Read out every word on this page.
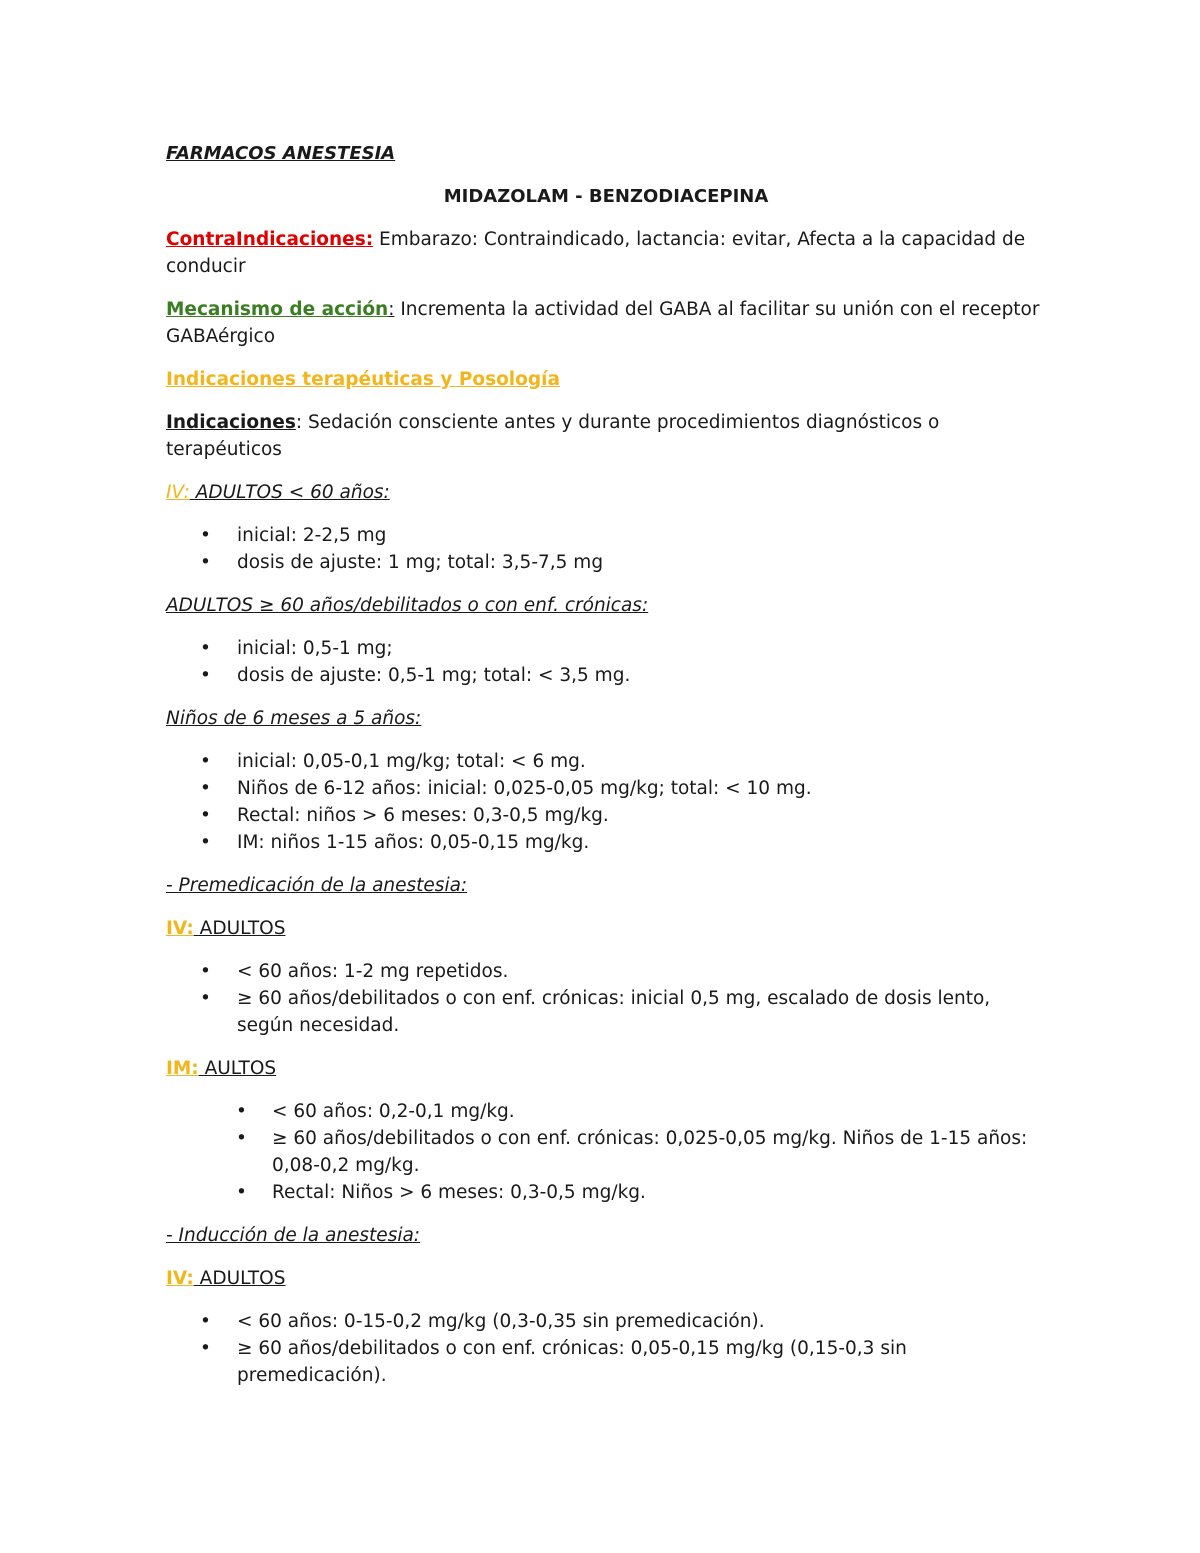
FARMACOS ANESTESIA

MIDAZOLAM - BENZODIACEPINA

ContraIndicaciones: Embarazo: Contraindicado, lactancia: evitar, Afecta a la capacidad de conducir

Mecanismo de acción: Incrementa la actividad del GABA al facilitar su unión con el receptor GABAérgico

Indicaciones terapéuticas y Posología

Indicaciones: Sedación consciente antes y durante procedimientos diagnósticos o terapéuticos

IV: ADULTOS < 60 años:

• inicial: 2-2,5 mg
• dosis de ajuste: 1 mg; total: 3,5-7,5 mg

ADULTOS ≥ 60 años/debilitados o con enf. crónicas:

• inicial: 0,5-1 mg;
• dosis de ajuste: 0,5-1 mg; total: < 3,5 mg.

Niños de 6 meses a 5 años:

• inicial: 0,05-0,1 mg/kg; total: < 6 mg.
• Niños de 6-12 años: inicial: 0,025-0,05 mg/kg; total: < 10 mg.
• Rectal: niños > 6 meses: 0,3-0,5 mg/kg.
• IM: niños 1-15 años: 0,05-0,15 mg/kg.

- Premedicación de la anestesia:

IV: ADULTOS

• < 60 años: 1-2 mg repetidos.
• ≥ 60 años/debilitados o con enf. crónicas: inicial 0,5 mg, escalado de dosis lento, según necesidad.

IM: AULTOS

• < 60 años: 0,2-0,1 mg/kg.
• ≥ 60 años/debilitados o con enf. crónicas: 0,025-0,05 mg/kg. Niños de 1-15 años: 0,08-0,2 mg/kg.
• Rectal: Niños > 6 meses: 0,3-0,5 mg/kg.

- Inducción de la anestesia:

IV: ADULTOS

• < 60 años: 0-15-0,2 mg/kg (0,3-0,35 sin premedicación).
• ≥ 60 años/debilitados o con enf. crónicas: 0,05-0,15 mg/kg (0,15-0,3 sin premedicación).
